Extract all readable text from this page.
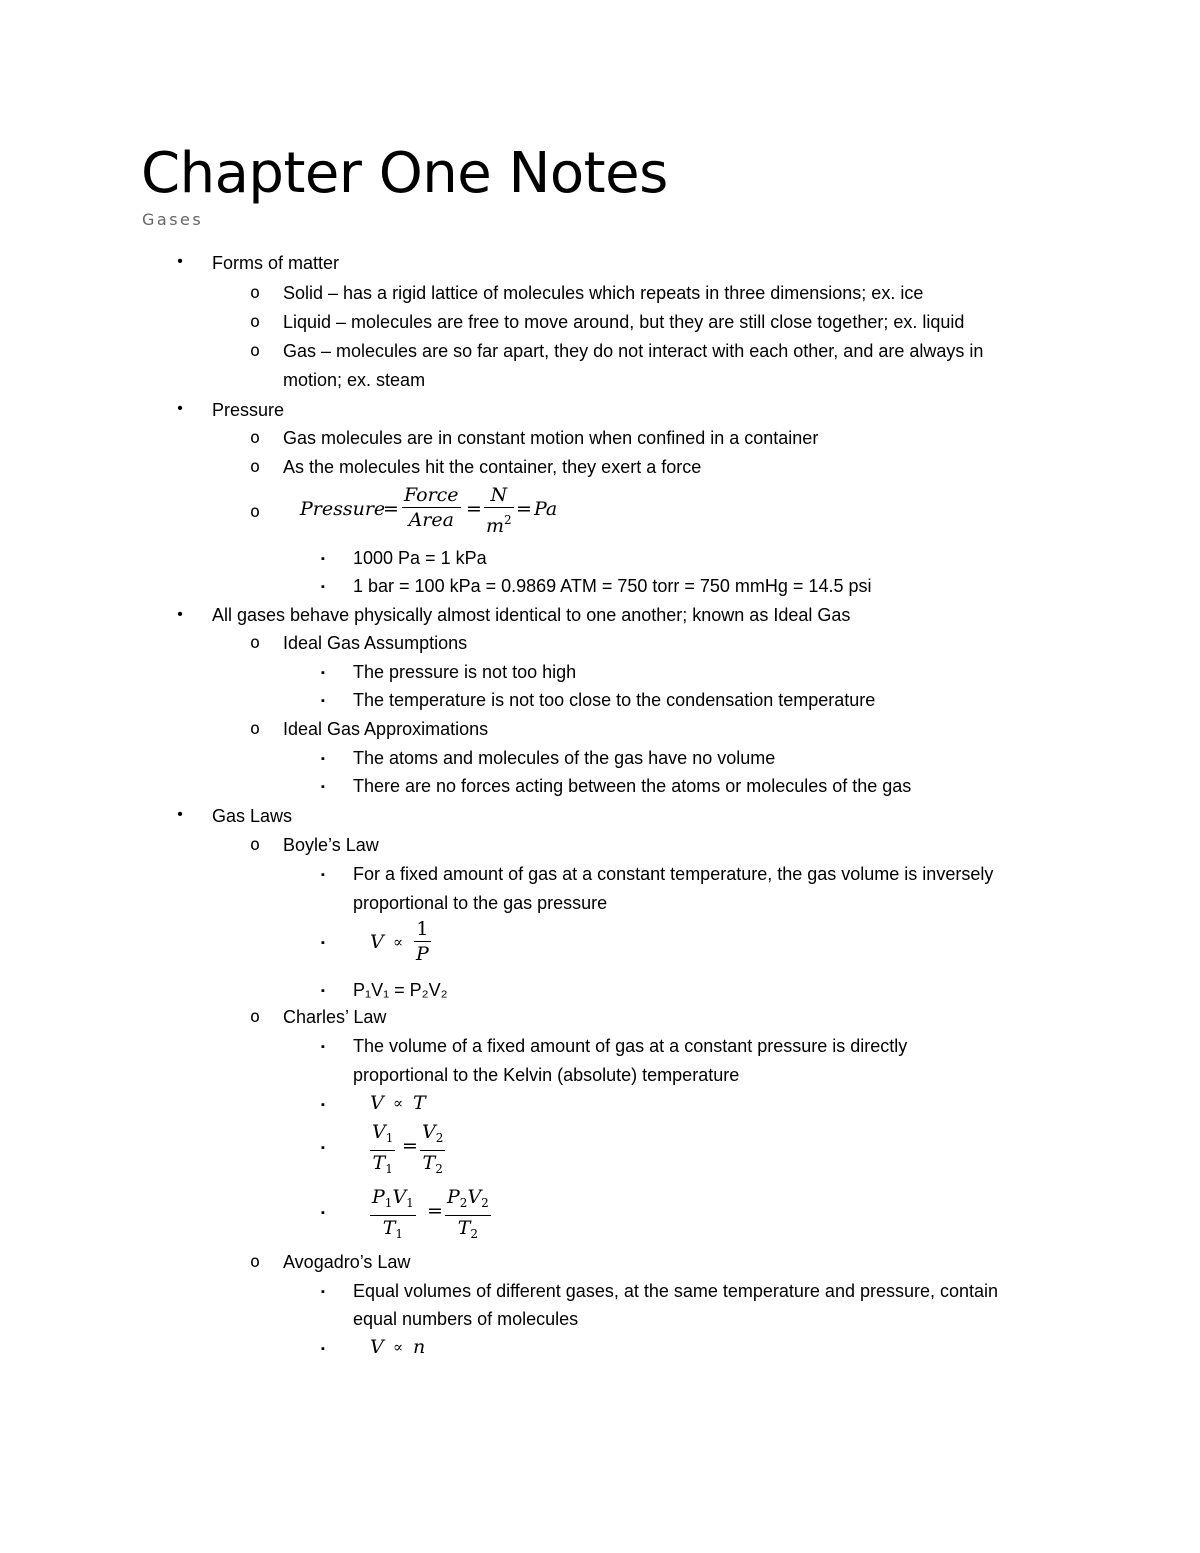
Chapter One Notes
Gases
• Forms of matter
o Solid – has a rigid lattice of molecules which repeats in three dimensions; ex. ice
o Liquid – molecules are free to move around, but they are still close together; ex. liquid
o Gas – molecules are so far apart, they do not interact with each other, and are always in
motion; ex. steam
• Pressure
o Gas molecules are in constant motion when confined in a container
o As the molecules hit the container, they exert a force
o Pressure
=
Force
Area = $\frac{N}{m^2} = Pa$
▪ 1000 Pa = 1 kPa
▪ 1 bar = 100 kPa = 0.9869 ATM = 750 torr = 750 mmHg = 14.5 psi
• All gases behave physically almost identical to one another; known as Ideal Gas
o Ideal Gas Assumptions
▪ The pressure is not too high
▪ The temperature is not too close to the condensation temperature
o Ideal Gas Approximations
▪ The atoms and molecules of the gas have no volume
▪ There are no forces acting between the atoms or molecules of the gas
• Gas Laws
o Boyle’s Law
▪ For a fixed amount of gas at a constant temperature, the gas volume is inversely
proportional to the gas pressure
▪ $V \propto \frac{1}{P}$
▪ P₁V₁ = P₂V₂
o Charles’ Law
▪ The volume of a fixed amount of gas at a constant pressure is directly
proportional to the Kelvin (absolute) temperature
▪ V ∝ T
▪ $\frac{V_1}{T_1} = \frac{V_2}{T_2}$
▪ $\frac{P_1V_1}{T_1} = \frac{P_2V_2}{T_2}$
o Avogadro’s Law
▪ Equal volumes of different gases, at the same temperature and pressure, contain
equal numbers of molecules
▪ V ∝ n
